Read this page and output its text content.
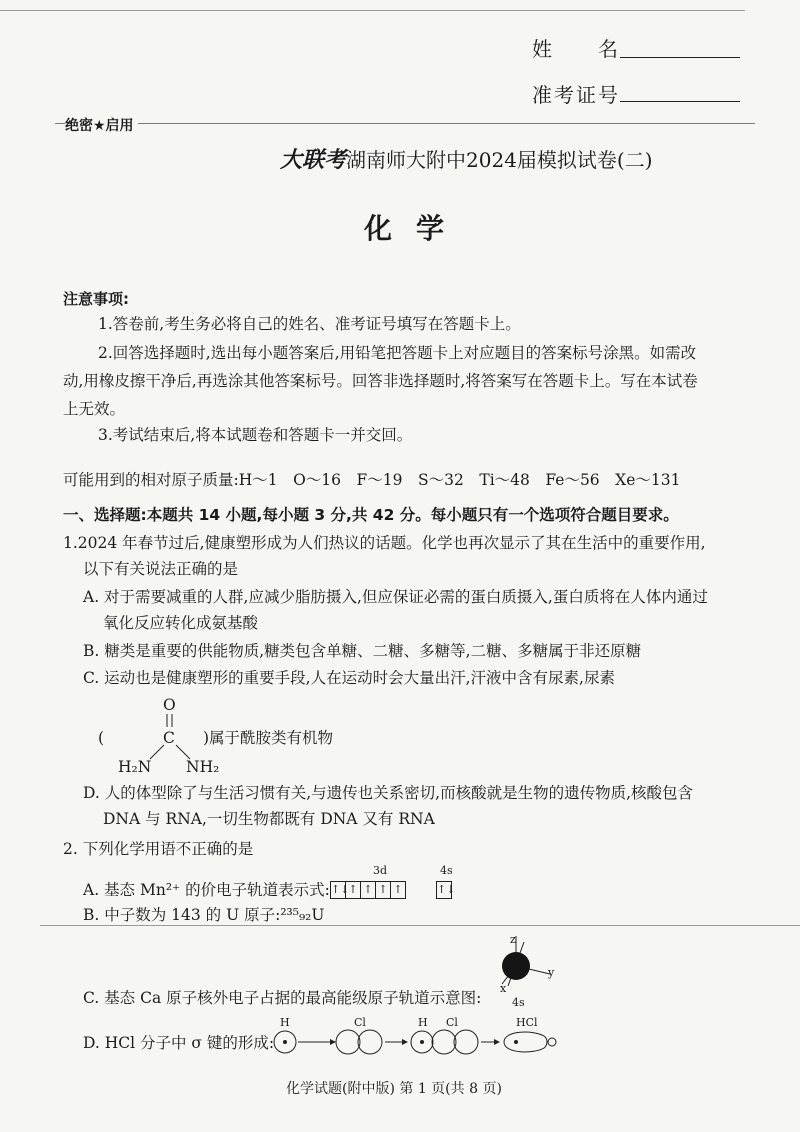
姓　　名
准考证号
绝密★启用
大联考湖南师大附中2024届模拟试卷(二)
化学
注意事项:
1.答卷前,考生务必将自己的姓名、准考证号填写在答题卡上。
2.回答选择题时,选出每小题答案后,用铅笔把答题卡上对应题目的答案标号涂黑。如需改
动,用橡皮擦干净后,再选涂其他答案标号。回答非选择题时,将答案写在答题卡上。写在本试卷
上无效。
3.考试结束后,将本试题卷和答题卡一并交回。
可能用到的相对原子质量:H～1　O～16　F～19　S～32　Ti～48　Fe～56　Xe～131
一、选择题:本题共 14 小题,每小题 3 分,共 42 分。每小题只有一个选项符合题目要求。
1.2024 年春节过后,健康塑形成为人们热议的话题。化学也再次显示了其在生活中的重要作用,
以下有关说法正确的是
A. 对于需要减重的人群,应减少脂肪摄入,但应保证必需的蛋白质摄入,蛋白质将在人体内通过
氧化反应转化成氨基酸
B. 糖类是重要的供能物质,糖类包含单糖、二糖、多糖等,二糖、多糖属于非还原糖
C. 运动也是健康塑形的重要手段,人在运动时会大量出汗,汗液中含有尿素,尿素
O
(	C )属于酰胺类有机物
H₂N NH₂
D. 人的体型除了与生活习惯有关,与遗传也关系密切,而核酸就是生物的遗传物质,核酸包含
DNA 与 RNA,一切生物都既有 DNA 又有 RNA
2. 下列化学用语不正确的是
A. 基态 Mn²⁺ 的价电子轨道表示式:
3d	4s
↑↓↑ ↑ ↑ ↑	↑↓
B. 中子数为 143 的 U 原子:²³⁵₉₂U
z
x
y
4s
C. 基态 Ca 原子核外电子占据的最高能级原子轨道示意图:
D. HCl 分子中 σ 键的形成:
H	Cl	H Cl	HCl
化学试题(附中版) 第 1 页(共 8 页)
